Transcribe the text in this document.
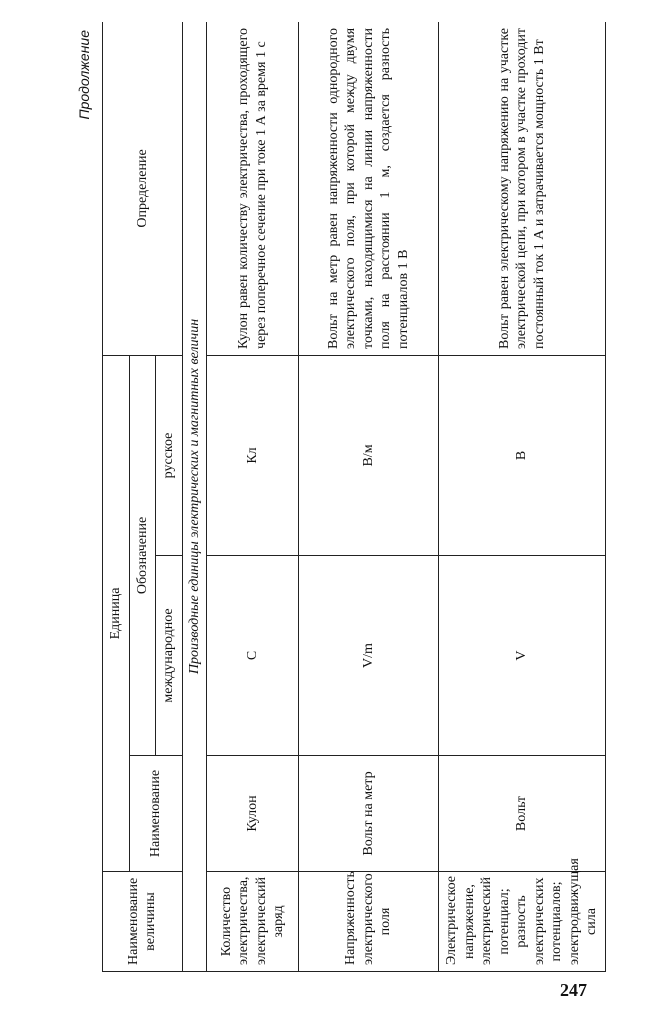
Продолжение
Наименование величины	Единица			Определение
	Наименование	Обозначение		
		международное	русское	
Производные единицы электрических и магнитных величин				
Количество электричества, электрический заряд	Кулон	C	Кл	Кулон равен количеству электричества, проходящего через поперечное сечение при токе 1 А за время 1 с
Напряженность электрического поля	Вольт на метр	V/m	В/м	Вольт на метр равен напряженности однородного электрического поля, при которой между двумя точками, находящимися на линии напряженности поля на расстоянии 1 м, создается разность потенциалов 1 В
Электрическое напряжение, электрический потенциал; разность электрических потенциалов; электродвижущая сила	Вольт	V	В	Вольт равен электрическому напряжению на участке электрической цепи, при котором в участке проходит постоянный ток 1 А и затрачивается мощность 1 Вт
247
